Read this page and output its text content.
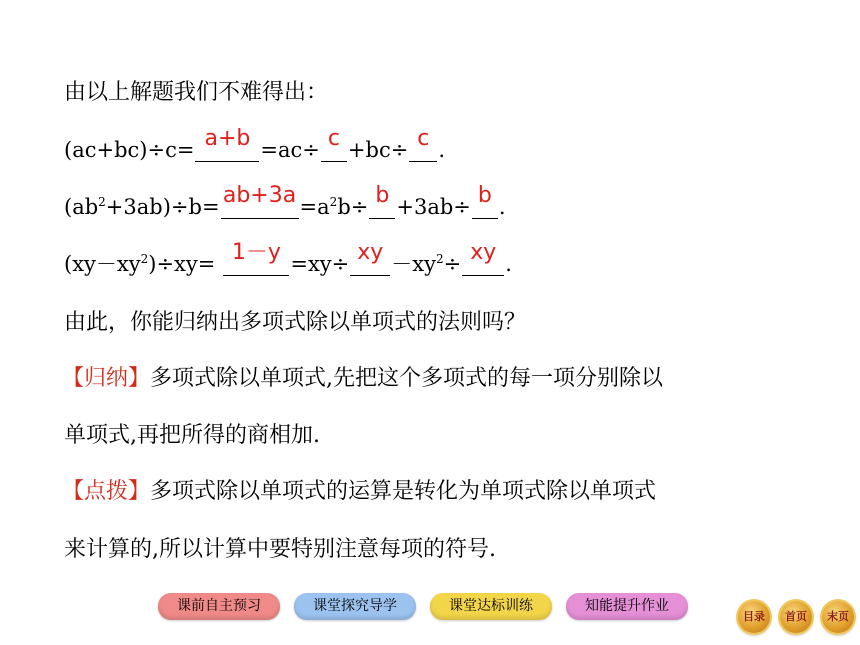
由以上解题我们不难得出：
(ac+bc)÷c= a+b =ac÷ c +bc÷ c .
$(ab^2+3ab)\div b= ab+3a =a^2b\div b +3ab\div b$ .
$(xy-xy^2)\div xy= 1-y =xy\div$ xy $-xy^2\div$ xy .
由此，你能归纳出多项式除以单项式的法则吗？
【归纳】多项式除以单项式,先把这个多项式的每一项分别除以
单项式,再把所得的商相加.
【点拨】多项式除以单项式的运算是转化为单项式除以单项式
来计算的,所以计算中要特别注意每项的符号.
课前自主预习	课堂探究导学	课堂达标训练	知能提升作业
目录	首页	末页
